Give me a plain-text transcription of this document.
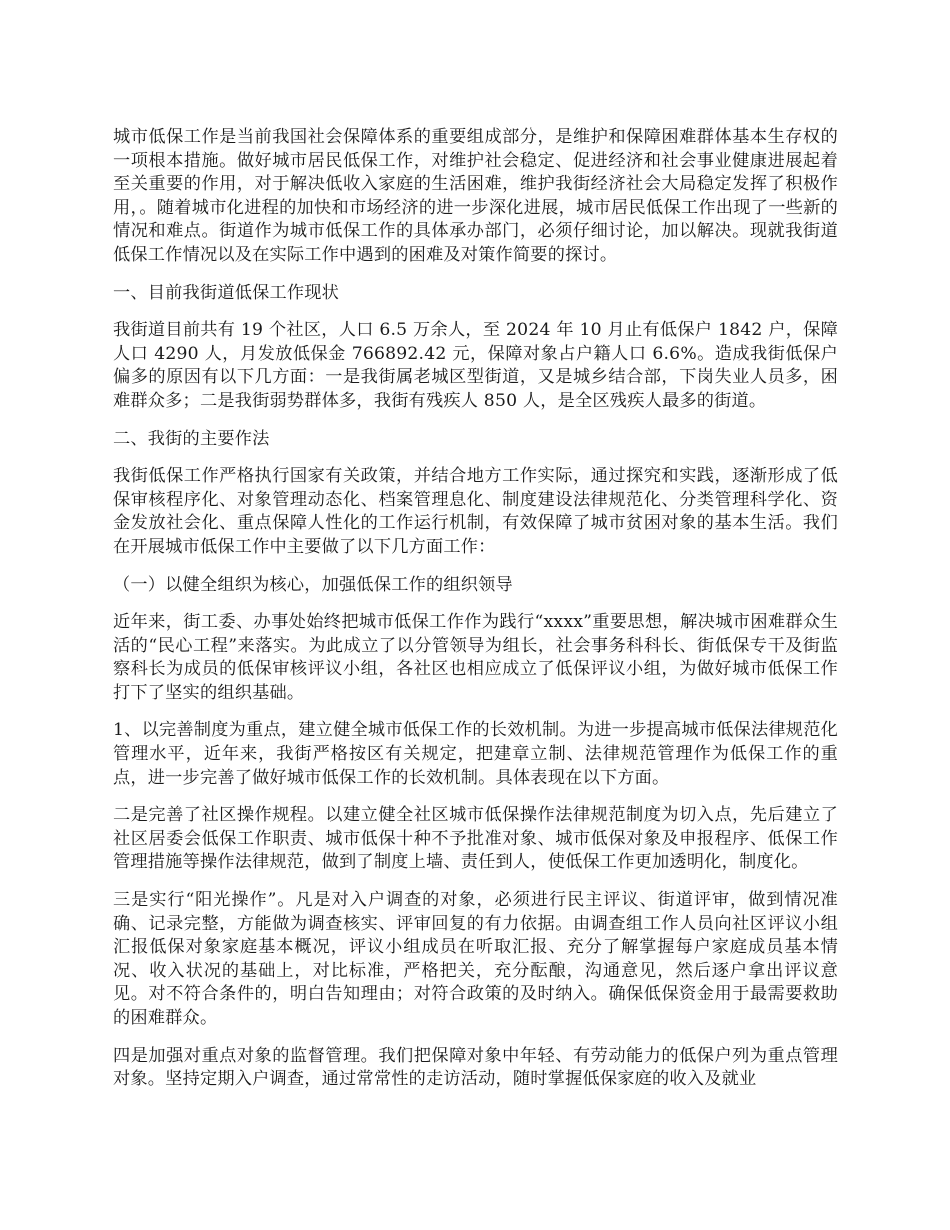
城市低保工作是当前我国社会保障体系的重要组成部分，是维护和保障困难群体基本生存权的一项根本措施。做好城市居民低保工作，对维护社会稳定、促进经济和社会事业健康进展起着至关重要的作用，对于解决低收入家庭的生活困难，维护我街经济社会大局稳定发挥了积极作用，。随着城市化进程的加快和市场经济的进一步深化进展，城市居民低保工作出现了一些新的情况和难点。街道作为城市低保工作的具体承办部门，必须仔细讨论，加以解决。现就我街道低保工作情况以及在实际工作中遇到的困难及对策作简要的探讨。

一、目前我街道低保工作现状

我街道目前共有 19 个社区，人口 6.5 万余人，至 2024 年 10 月止有低保户 1842 户，保障人口 4290 人，月发放低保金 766892.42 元，保障对象占户籍人口 6.6%。造成我街低保户偏多的原因有以下几方面：一是我街属老城区型街道，又是城乡结合部，下岗失业人员多，困难群众多；二是我街弱势群体多，我街有残疾人 850 人，是全区残疾人最多的街道。

二、我街的主要作法

我街低保工作严格执行国家有关政策，并结合地方工作实际，通过探究和实践，逐渐形成了低保审核程序化、对象管理动态化、档案管理息化、制度建设法律规范化、分类管理科学化、资金发放社会化、重点保障人性化的工作运行机制，有效保障了城市贫困对象的基本生活。我们在开展城市低保工作中主要做了以下几方面工作：

（一）以健全组织为核心，加强低保工作的组织领导

近年来，街工委、办事处始终把城市低保工作作为践行“xxxx”重要思想，解决城市困难群众生活的“民心工程”来落实。为此成立了以分管领导为组长，社会事务科科长、街低保专干及街监察科长为成员的低保审核评议小组，各社区也相应成立了低保评议小组，为做好城市低保工作打下了坚实的组织基础。

1、以完善制度为重点，建立健全城市低保工作的长效机制。为进一步提高城市低保法律规范化管理水平，近年来，我街严格按区有关规定，把建章立制、法律规范管理作为低保工作的重点，进一步完善了做好城市低保工作的长效机制。具体表现在以下方面。

二是完善了社区操作规程。以建立健全社区城市低保操作法律规范制度为切入点，先后建立了社区居委会低保工作职责、城市低保十种不予批准对象、城市低保对象及申报程序、低保工作管理措施等操作法律规范，做到了制度上墙、责任到人，使低保工作更加透明化，制度化。

三是实行“阳光操作”。凡是对入户调查的对象，必须进行民主评议、街道评审，做到情况准确、记录完整，方能做为调查核实、评审回复的有力依据。由调查组工作人员向社区评议小组汇报低保对象家庭基本概况，评议小组成员在听取汇报、充分了解掌握每户家庭成员基本情况、收入状况的基础上，对比标准，严格把关，充分酝酿，沟通意见，然后逐户拿出评议意见。对不符合条件的，明白告知理由；对符合政策的及时纳入。确保低保资金用于最需要救助的困难群众。

四是加强对重点对象的监督管理。我们把保障对象中年轻、有劳动能力的低保户列为重点管理对象。坚持定期入户调查，通过常常性的走访活动，随时掌握低保家庭的收入及就业
